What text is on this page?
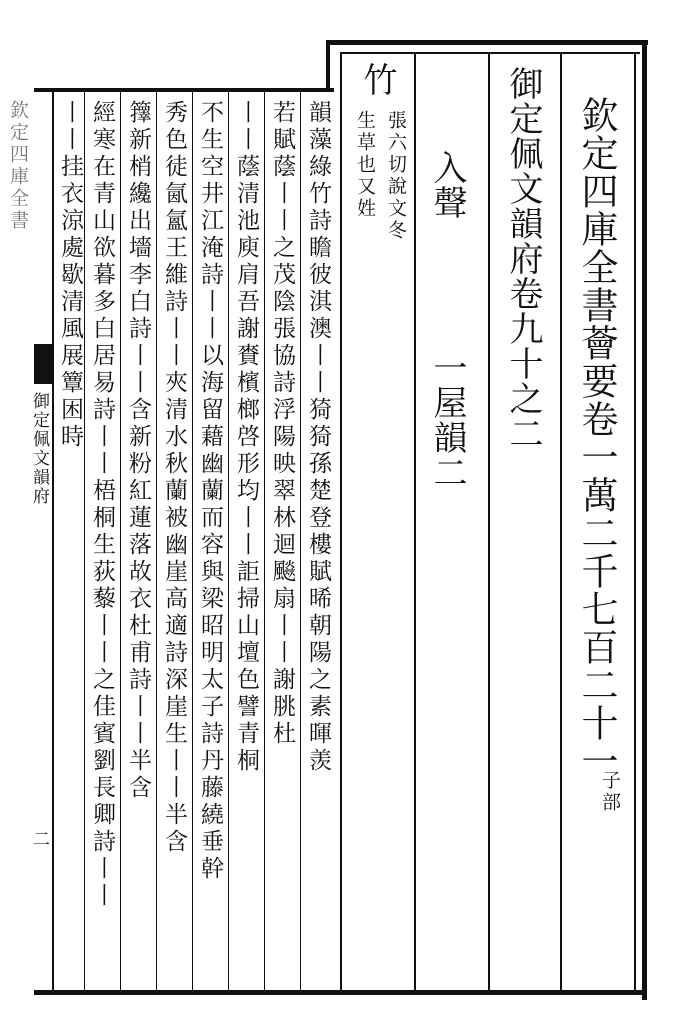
欽定四庫全書薈要卷一萬二千七百二十一
子部
御定佩文韻府卷九十之二
入聲
一屋韻二
竹
張六切說文冬
生草也又姓
韻藻綠竹詩瞻彼淇澳丨丨猗猗孫楚登樓賦晞朝陽之素暉羡
若賦蔭丨丨之茂陰張協詩浮陽映翠林迴飈扇丨丨謝朓杜
丨丨蔭清池庾肩吾謝賚檳榔啓形均丨丨詎掃山壇色譬青桐
不生空井江淹詩丨丨以海留藉幽蘭而容與梁昭明太子詩丹藤繞垂幹
秀色徒氤氳王維詩丨丨夾清水秋蘭被幽崖高適詩深崖生丨丨半含
籜新梢纔出墻李白詩丨丨含新粉紅蓮落故衣杜甫詩丨丨半含
經寒在青山欲暮多白居易詩丨丨梧桐生荻藜丨丨之佳賓劉長卿詩丨丨
丨丨挂衣涼處歇清風展簟困時
欽定四庫全書
御定佩文韻府
二
